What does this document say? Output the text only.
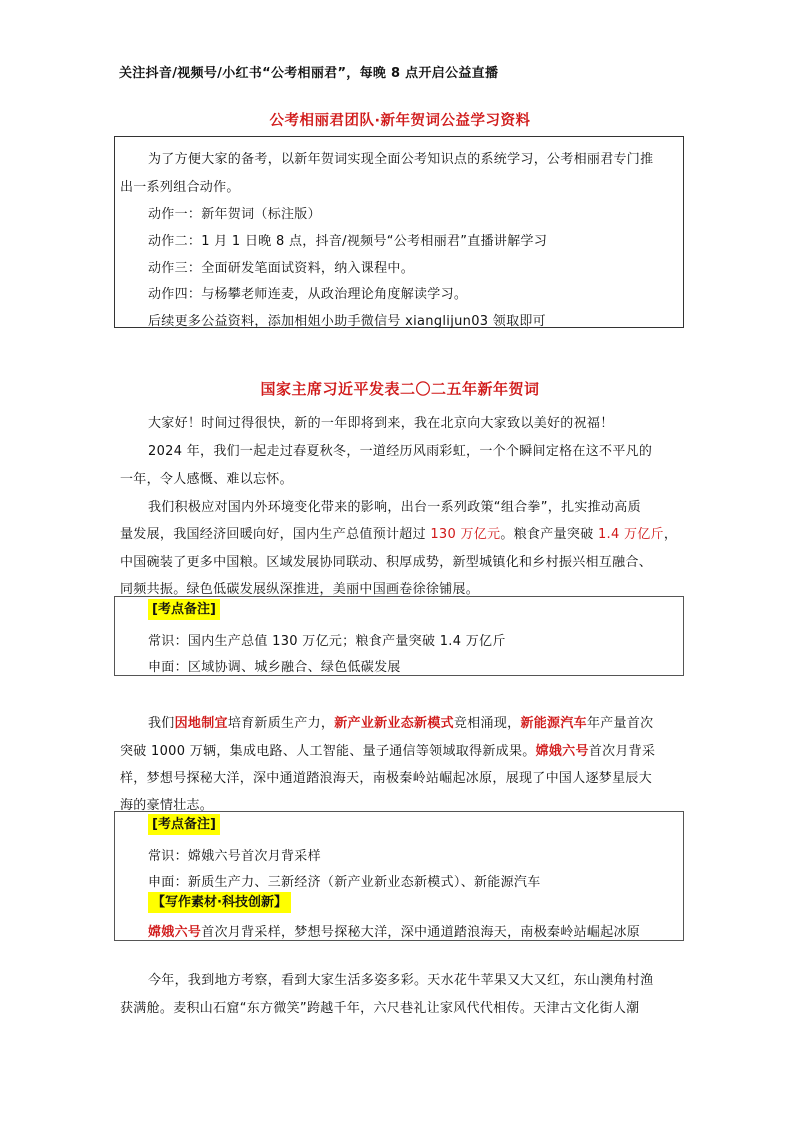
关注抖音/视频号/小红书“公考相丽君”，每晚 8 点开启公益直播
公考相丽君团队·新年贺词公益学习资料
为了方便大家的备考，以新年贺词实现全面公考知识点的系统学习，公考相丽君专门推
出一系列组合动作。
动作一：新年贺词（标注版）
动作二：1 月 1 日晚 8 点，抖音/视频号“公考相丽君”直播讲解学习
动作三：全面研发笔面试资料，纳入课程中。
动作四：与杨攀老师连麦，从政治理论角度解读学习。
后续更多公益资料，添加相姐小助手微信号 xianglijun03 领取即可
国家主席习近平发表二〇二五年新年贺词
大家好！时间过得很快，新的一年即将到来，我在北京向大家致以美好的祝福！
2024 年，我们一起走过春夏秋冬，一道经历风雨彩虹，一个个瞬间定格在这不平凡的
一年，令人感慨、难以忘怀。
我们积极应对国内外环境变化带来的影响，出台一系列政策“组合拳”，扎实推动高质
量发展，我国经济回暖向好，国内生产总值预计超过 130 万亿元。粮食产量突破 1.4 万亿斤，
中国碗装了更多中国粮。区域发展协同联动、积厚成势，新型城镇化和乡村振兴相互融合、
同频共振。绿色低碳发展纵深推进，美丽中国画卷徐徐铺展。
[考点备注]
常识：国内生产总值 130 万亿元；粮食产量突破 1.4 万亿斤
申面：区域协调、城乡融合、绿色低碳发展
我们因地制宜培育新质生产力，新产业新业态新模式竞相涌现，新能源汽车年产量首次
突破 1000 万辆，集成电路、人工智能、量子通信等领域取得新成果。嫦娥六号首次月背采
样，梦想号探秘大洋，深中通道踏浪海天，南极秦岭站崛起冰原，展现了中国人逐梦星辰大
海的豪情壮志。
[考点备注]
常识：嫦娥六号首次月背采样
申面：新质生产力、三新经济（新产业新业态新模式）、新能源汽车
【写作素材·科技创新】
嫦娥六号首次月背采样，梦想号探秘大洋，深中通道踏浪海天，南极秦岭站崛起冰原
今年，我到地方考察，看到大家生活多姿多彩。天水花牛苹果又大又红，东山澳角村渔
获满舱。麦积山石窟“东方微笑”跨越千年，六尺巷礼让家风代代相传。天津古文化街人潮
